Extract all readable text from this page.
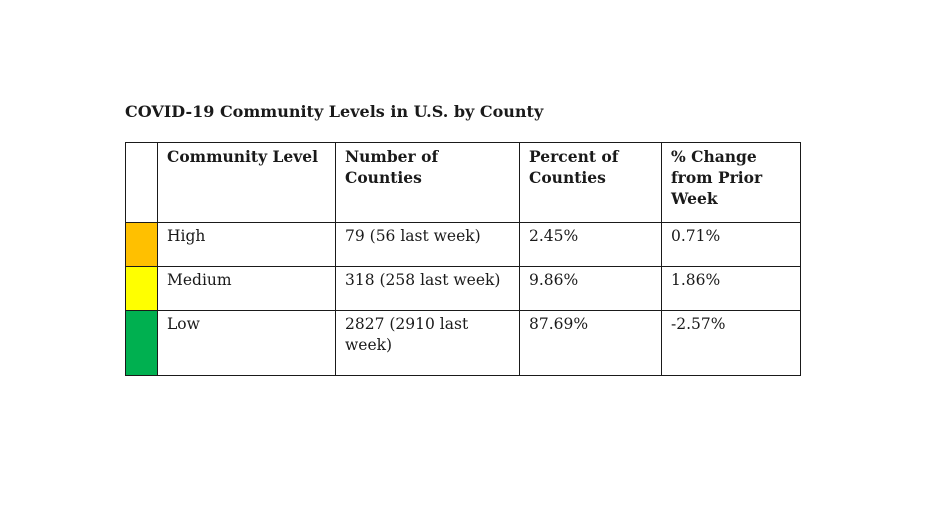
COVID-19 Community Levels in U.S. by County
	Community Level	Number of Counties	Percent of Counties	% Change from Prior Week
	High	79 (56 last week)	2.45%	0.71%
	Medium	318 (258 last week)	9.86%	1.86%
	Low	2827 (2910 last week)	87.69%	-2.57%
